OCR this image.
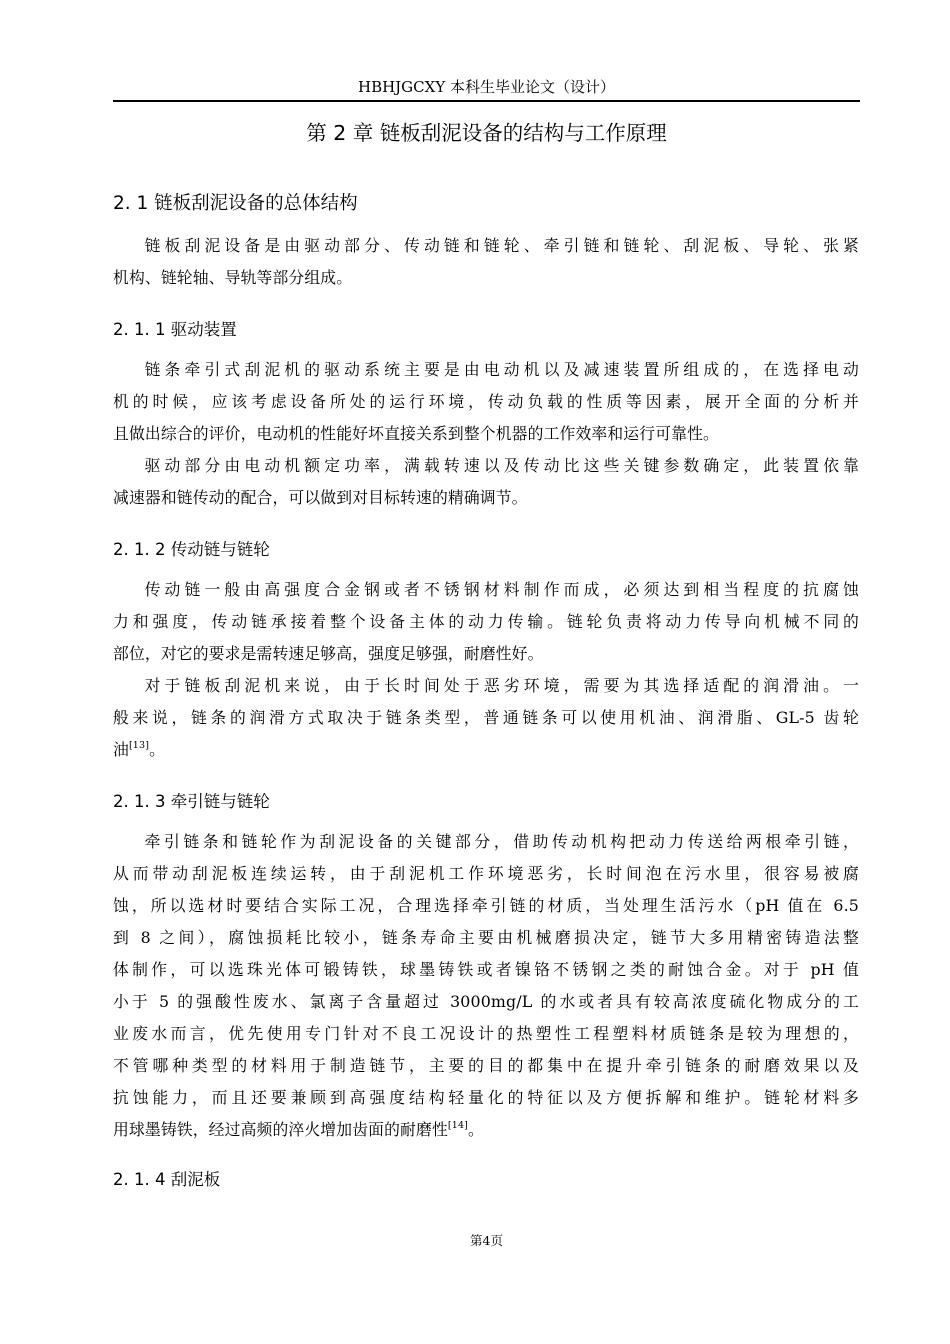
HBHJGCXY 本科生毕业论文（设计）
第 2 章 链板刮泥设备的结构与工作原理
2. 1 链板刮泥设备的总体结构
链板刮泥设备是由驱动部分、传动链和链轮、牵引链和链轮、刮泥板、导轮、张紧
机构、链轮轴、导轨等部分组成。
2. 1. 1 驱动装置
链条牵引式刮泥机的驱动系统主要是由电动机以及减速装置所组成的，在选择电动
机的时候，应该考虑设备所处的运行环境，传动负载的性质等因素，展开全面的分析并
且做出综合的评价，电动机的性能好坏直接关系到整个机器的工作效率和运行可靠性。
驱动部分由电动机额定功率，满载转速以及传动比这些关键参数确定，此装置依靠
减速器和链传动的配合，可以做到对目标转速的精确调节。
2. 1. 2 传动链与链轮
传动链一般由高强度合金钢或者不锈钢材料制作而成，必须达到相当程度的抗腐蚀
力和强度，传动链承接着整个设备主体的动力传输。链轮负责将动力传导向机械不同的
部位，对它的要求是需转速足够高，强度足够强，耐磨性好。
对于链板刮泥机来说，由于长时间处于恶劣环境，需要为其选择适配的润滑油。一
般来说，链条的润滑方式取决于链条类型，普通链条可以使用机油、润滑脂、GL-5 齿轮
油[13]。
2. 1. 3 牵引链与链轮
牵引链条和链轮作为刮泥设备的关键部分，借助传动机构把动力传送给两根牵引链，
从而带动刮泥板连续运转，由于刮泥机工作环境恶劣，长时间泡在污水里，很容易被腐
蚀，所以选材时要结合实际工况，合理选择牵引链的材质，当处理生活污水（pH 值在 6.5
到 8 之间），腐蚀损耗比较小，链条寿命主要由机械磨损决定，链节大多用精密铸造法整
体制作，可以选珠光体可锻铸铁，球墨铸铁或者镍铬不锈钢之类的耐蚀合金。对于 pH 值
小于 5 的强酸性废水、氯离子含量超过 3000mg/L 的水或者具有较高浓度硫化物成分的工
业废水而言，优先使用专门针对不良工况设计的热塑性工程塑料材质链条是较为理想的，
不管哪种类型的材料用于制造链节，主要的目的都集中在提升牵引链条的耐磨效果以及
抗蚀能力，而且还要兼顾到高强度结构轻量化的特征以及方便拆解和维护。链轮材料多
用球墨铸铁，经过高频的淬火增加齿面的耐磨性[14]。
2. 1. 4 刮泥板
第4页
